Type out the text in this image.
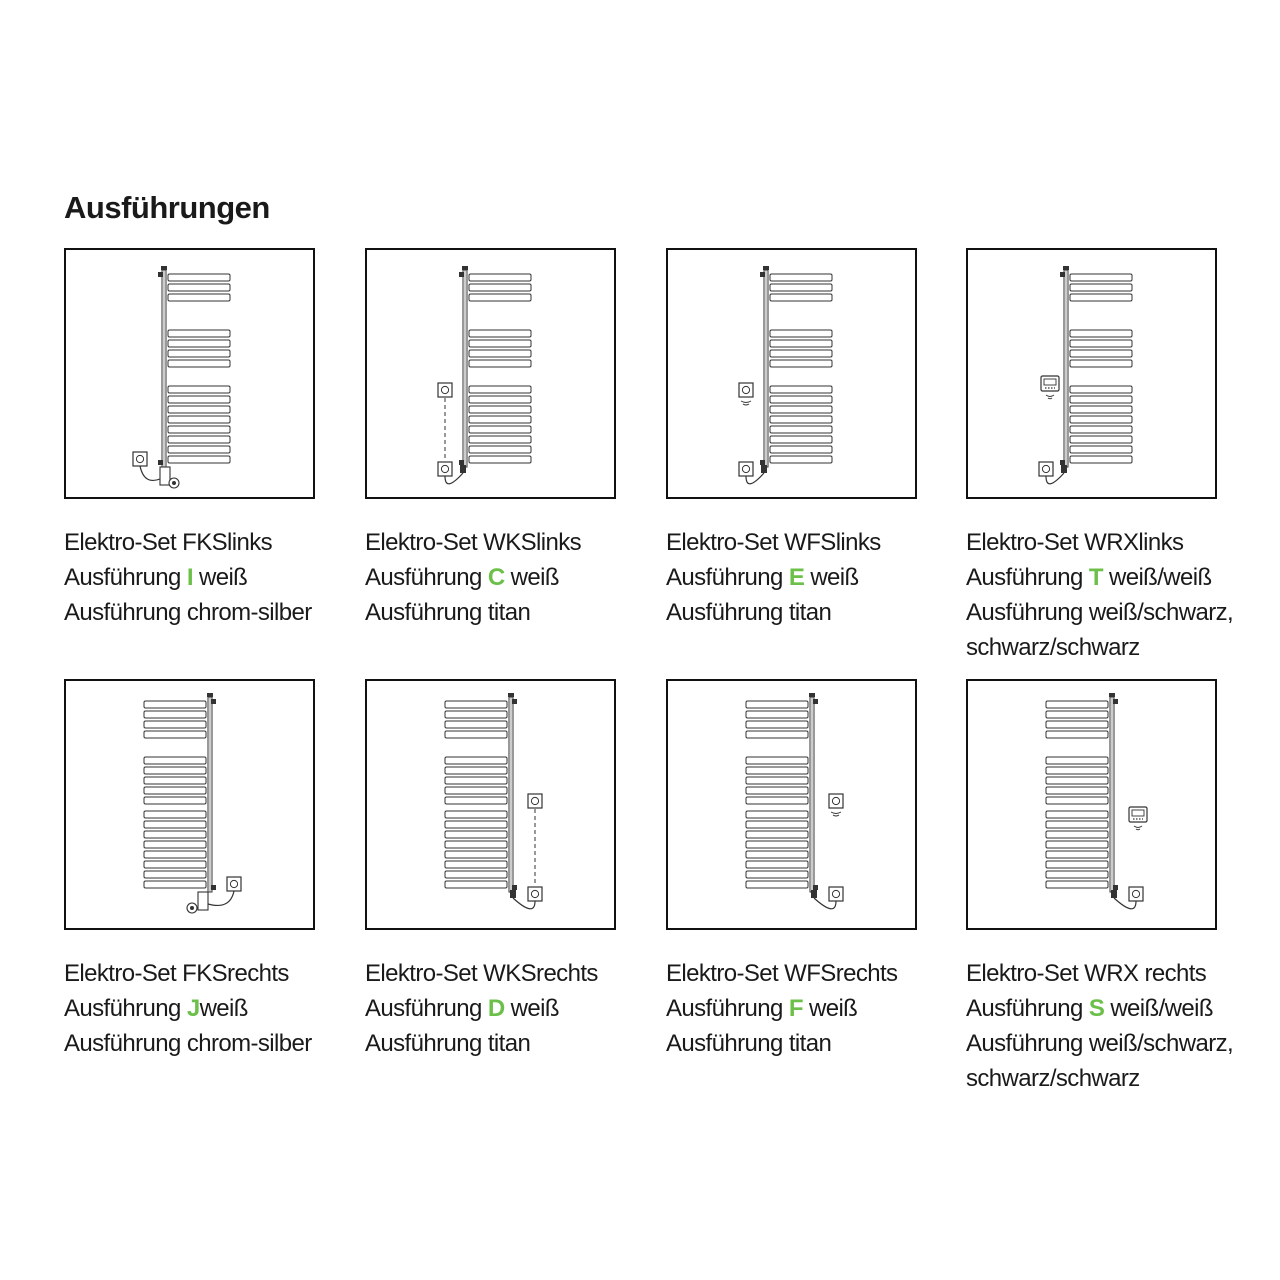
Ausführungen
Elektro-Set FKSlinks
Ausführung I weiß
Ausführung chrom-silber
Elektro-Set WKSlinks
Ausführung C weiß
Ausführung titan
Elektro-Set WFSlinks
Ausführung E weiß
Ausführung titan
Elektro-Set WRXlinks
Ausführung T weiß/weiß
Ausführung weiß/schwarz,
schwarz/schwarz
Elektro-Set FKSrechts
Ausführung Jweiß
Ausführung chrom-silber
Elektro-Set WKSrechts
Ausführung D weiß
Ausführung titan
Elektro-Set WFSrechts
Ausführung F weiß
Ausführung titan
Elektro-Set WRX rechts
Ausführung S weiß/weiß
Ausführung weiß/schwarz,
schwarz/schwarz
